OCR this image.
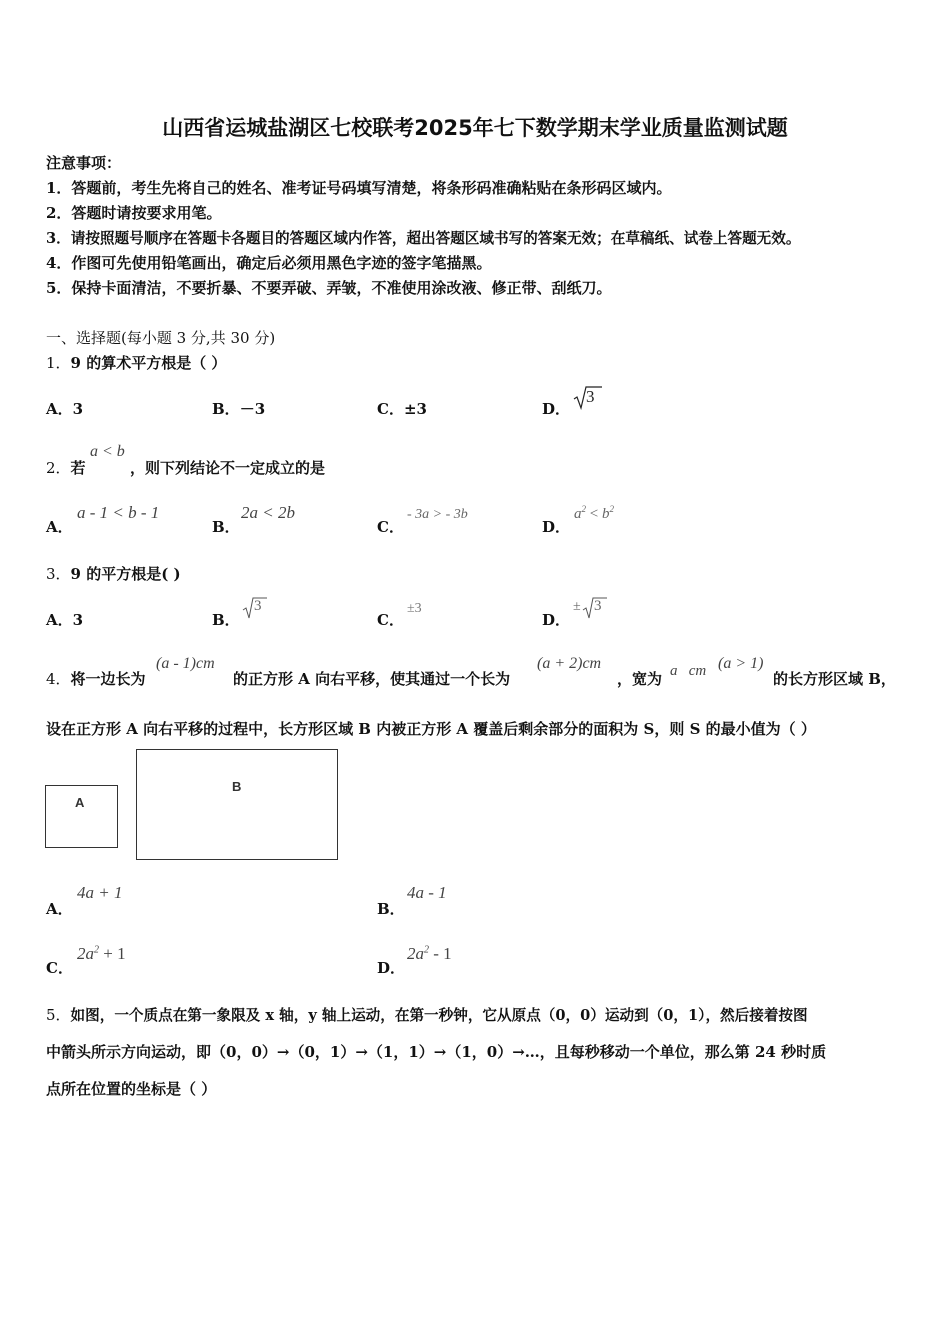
山西省运城盐湖区七校联考2025年七下数学期末学业质量监测试题
注意事项：
1．答题前，考生先将自己的姓名、准考证号码填写清楚，将条形码准确粘贴在条形码区域内。
2．答题时请按要求用笔。
3．请按照题号顺序在答题卡各题目的答题区域内作答，超出答题区域书写的答案无效；在草稿纸、试卷上答题无效。
4．作图可先使用铅笔画出，确定后必须用黑色字迹的签字笔描黑。
5．保持卡面清洁，不要折暴、不要弄破、弄皱，不准使用涂改液、修正带、刮纸刀。
一、选择题(每小题 3 分,共 30 分)
1．9 的算术平方根是（ ）
A．3	B．－3	C．±3	D．
3
2．若
a < b
，则下列结论不一定成立的是
A．
a - 1 < b - 1
B．
2a < 2b
C．
- 3a > - 3b
D．
$a^2 < b^2$
3．9 的平方根是( )
A．3	B．
3
C．
±3
D．
± 3
4．将一边长为
(a - 1)cm
的正方形 A 向右平移，使其通过一个长为
(a + 2)cm
，宽为 a   cm (a > 1)
的长方形区域 B，
设在正方形 A 向右平移的过程中，长方形区域 B 内被正方形 A 覆盖后剩余部分的面积为 S，则 S 的最小值为（ ）
A
B
A．
4a + 1
B．
4a - 1
C．
$2a^2 + 1$
D．
$2a^2 - 1$
5．如图，一个质点在第一象限及 x 轴，y 轴上运动，在第一秒钟，它从原点（0，0）运动到（0，1），然后接着按图
中箭头所示方向运动，即（0，0）→（0，1）→（1，1）→（1，0）→…，且每秒移动一个单位，那么第 24 秒时质
点所在位置的坐标是（ ）
